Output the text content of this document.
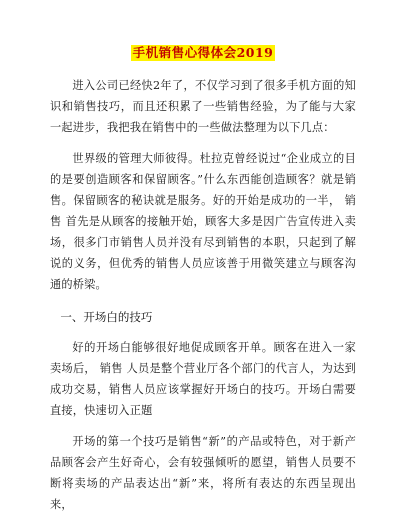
手机销售心得体会2019

进入公司已经快2年了，不仅学习到了很多手机方面的知识和销售技巧，而且还积累了一些销售经验，为了能与大家一起进步，我把我在销售中的一些做法整理为以下几点：

世界级的管理大师彼得。杜拉克曾经说过“企业成立的目的是要创造顾客和保留顾客。”什么东西能创造顾客？就是销售。保留顾客的秘诀就是服务。好的开始是成功的一半， 销售 首先是从顾客的接触开始，顾客大多是因广告宣传进入卖场，很多门市销售人员并没有尽到销售的本职，只起到了解说的义务，但优秀的销售人员应该善于用微笑建立与顾客沟通的桥梁。

一、开场白的技巧

好的开场白能够很好地促成顾客开单。顾客在进入一家卖场后， 销售 人员是整个营业厅各个部门的代言人，为达到成功交易，销售人员应该掌握好开场白的技巧。开场白需要直接，快速切入正题

开场的第一个技巧是销售“新”的产品或特色，对于新产品顾客会产生好奇心，会有较强倾听的愿望，销售人员要不断将卖场的产品表达出“新”来，将所有表达的东西呈现出来，
